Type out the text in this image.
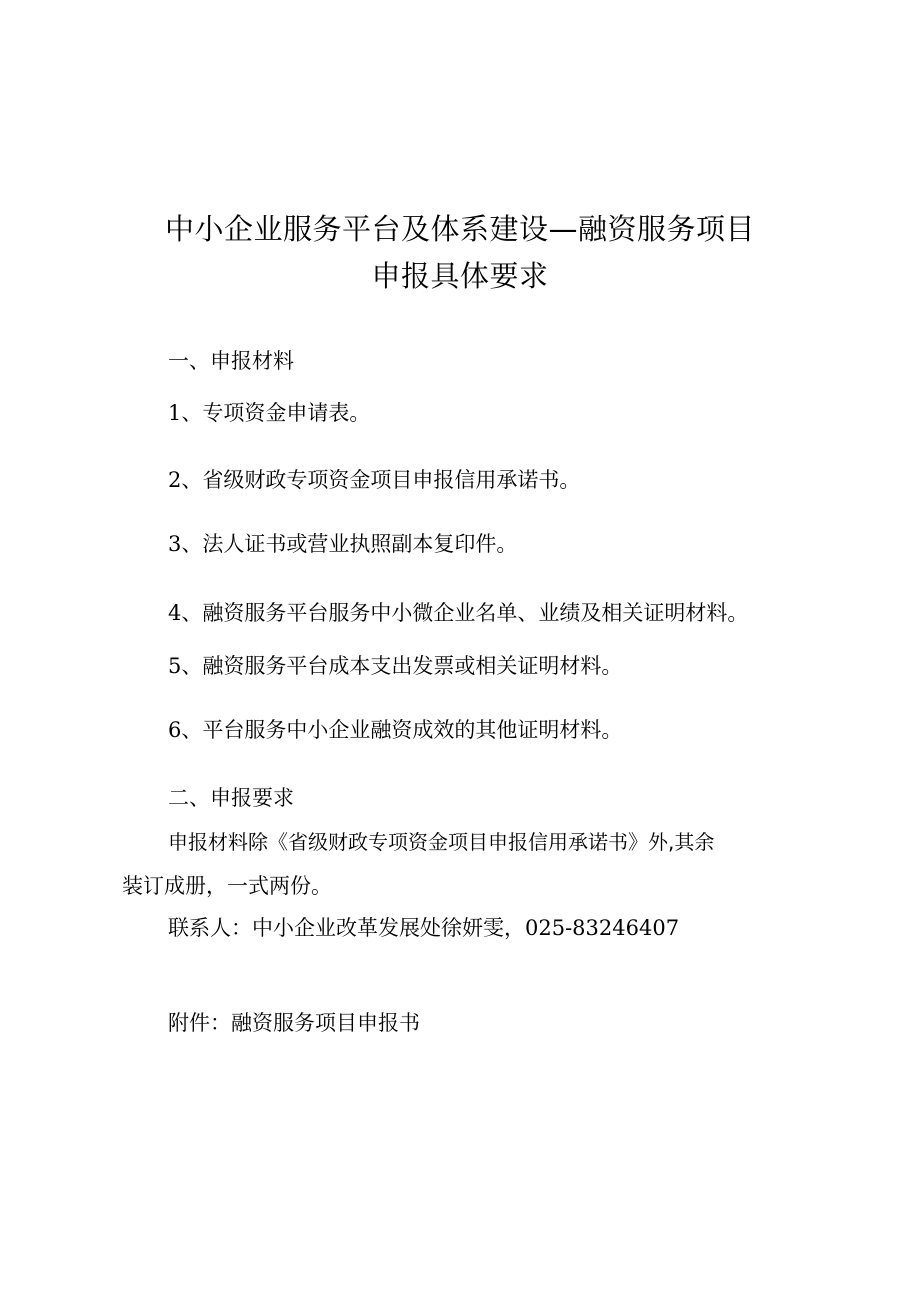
中小企业服务平台及体系建设—融资服务项目
申报具体要求
一、申报材料
1、专项资金申请表。
2、省级财政专项资金项目申报信用承诺书。
3、法人证书或营业执照副本复印件。
4、融资服务平台服务中小微企业名单、业绩及相关证明材料。
5、融资服务平台成本支出发票或相关证明材料。
6、平台服务中小企业融资成效的其他证明材料。
二、申报要求
申报材料除《省级财政专项资金项目申报信用承诺书》外,其余
装订成册，一式两份。
联系人：中小企业改革发展处徐妍雯，025-83246407
附件：融资服务项目申报书
